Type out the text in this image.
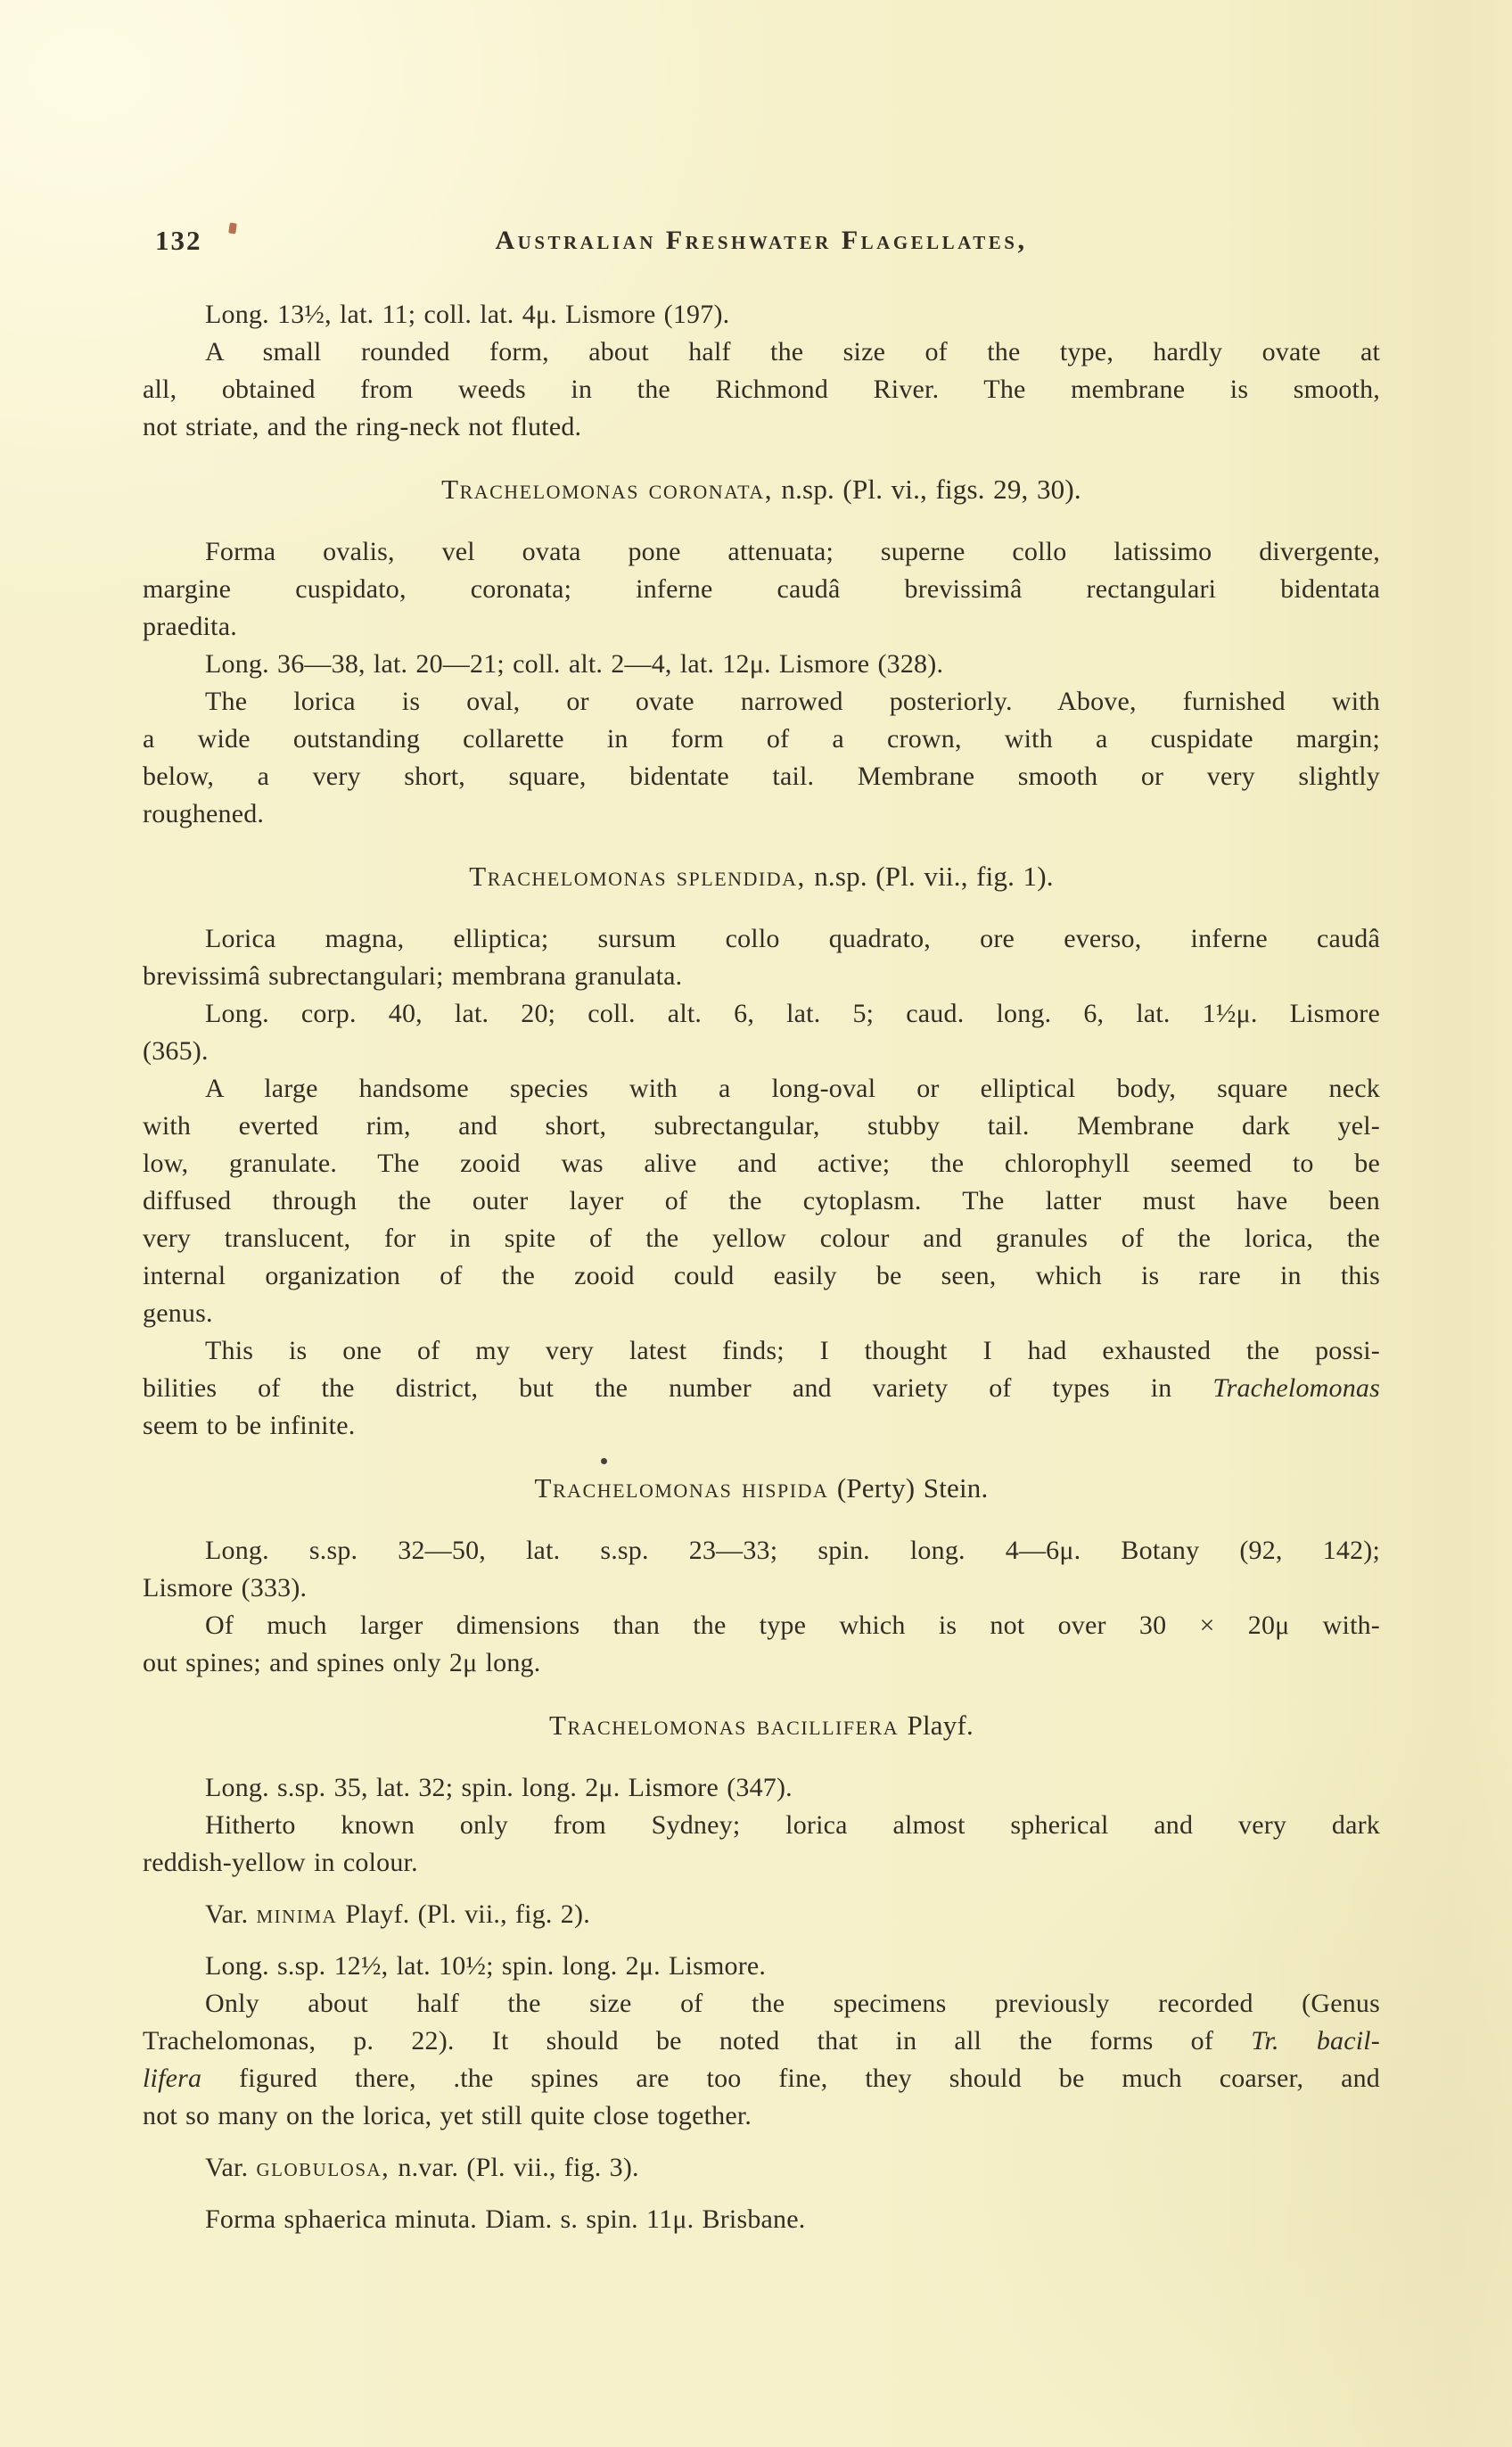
132	Australian Freshwater Flagellates,
Long. 13½, lat. 11; coll. lat. 4μ. Lismore (197).
A small rounded form, about half the size of the type, hardly ovate at
all, obtained from weeds in the Richmond River. The membrane is smooth,
not striate, and the ring-neck not fluted.
Trachelomonas coronata, n.sp. (Pl. vi., figs. 29, 30).
Forma ovalis, vel ovata pone attenuata; superne collo latissimo divergente,
margine cuspidato, coronata; inferne caudâ brevissimâ rectangulari bidentata
praedita.
Long. 36—38, lat. 20—21; coll. alt. 2—4, lat. 12μ. Lismore (328).
The lorica is oval, or ovate narrowed posteriorly. Above, furnished with
a wide outstanding collarette in form of a crown, with a cuspidate margin;
below, a very short, square, bidentate tail. Membrane smooth or very slightly
roughened.
Trachelomonas splendida, n.sp. (Pl. vii., fig. 1).
Lorica magna, elliptica; sursum collo quadrato, ore everso, inferne caudâ
brevissimâ subrectangulari; membrana granulata.
Long. corp. 40, lat. 20; coll. alt. 6, lat. 5; caud. long. 6, lat. 1½μ. Lismore
(365).
A large handsome species with a long-oval or elliptical body, square neck
with everted rim, and short, subrectangular, stubby tail. Membrane dark yel-
low, granulate. The zooid was alive and active; the chlorophyll seemed to be
diffused through the outer layer of the cytoplasm. The latter must have been
very translucent, for in spite of the yellow colour and granules of the lorica, the
internal organization of the zooid could easily be seen, which is rare in this
genus.
This is one of my very latest finds; I thought I had exhausted the possi-
bilities of the district, but the number and variety of types in Trachelomonas
seem to be infinite.
Trachelomonas hispida (Perty) Stein.
Long. s.sp. 32—50, lat. s.sp. 23—33; spin. long. 4—6μ. Botany (92, 142);
Lismore (333).
Of much larger dimensions than the type which is not over 30 × 20μ with-
out spines; and spines only 2μ long.
Trachelomonas bacillifera Playf.
Long. s.sp. 35, lat. 32; spin. long. 2μ. Lismore (347).
Hitherto known only from Sydney; lorica almost spherical and very dark
reddish-yellow in colour.
Var. minima Playf. (Pl. vii., fig. 2).
Long. s.sp. 12½, lat. 10½; spin. long. 2μ. Lismore.
Only about half the size of the specimens previously recorded (Genus
Trachelomonas, p. 22). It should be noted that in all the forms of Tr. bacil-
lifera figured there, .the spines are too fine, they should be much coarser, and
not so many on the lorica, yet still quite close together.
Var. globulosa, n.var. (Pl. vii., fig. 3).
Forma sphaerica minuta. Diam. s. spin. 11μ. Brisbane.
